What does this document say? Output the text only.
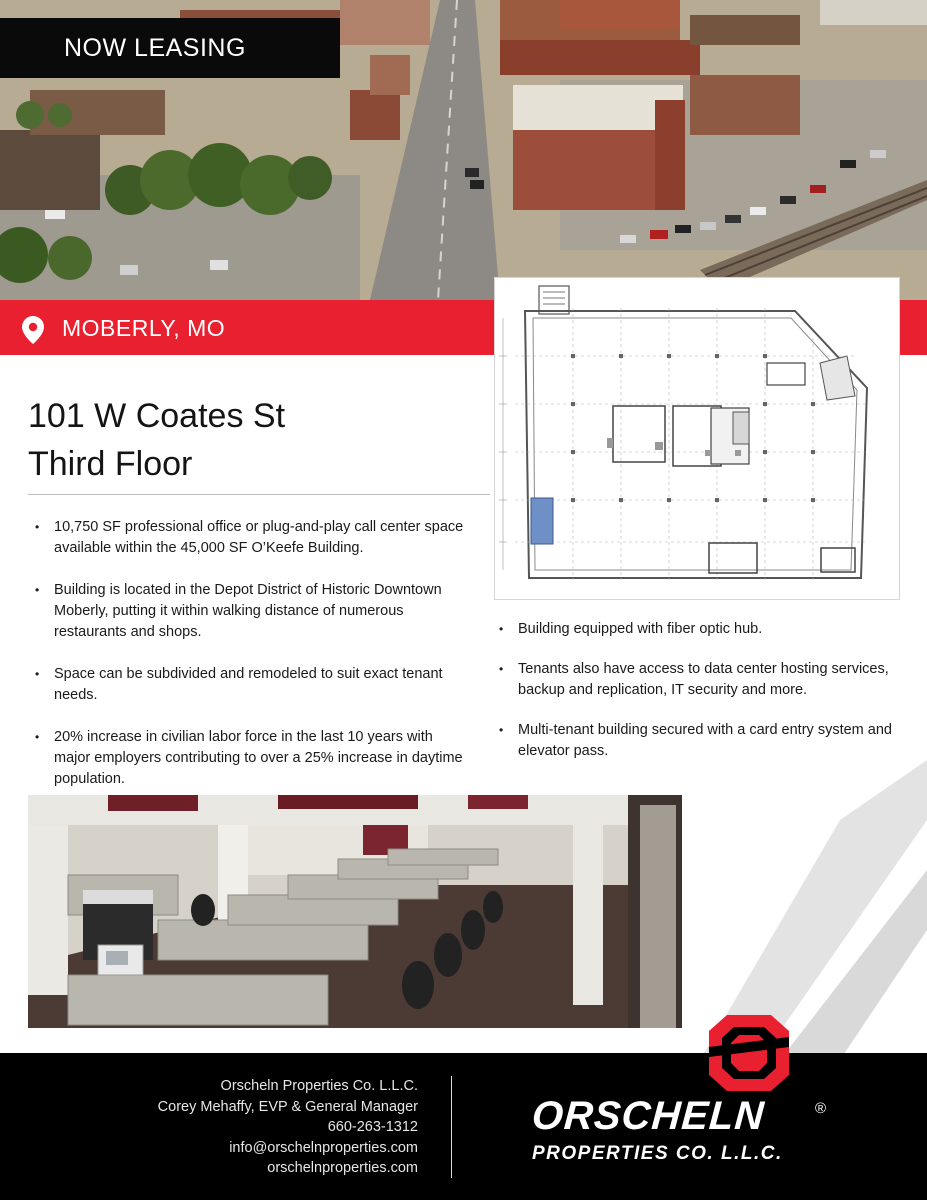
NOW LEASING
MOBERLY, MO
101 W Coates St
Third Floor
• 10,750 SF professional office or plug-and-play call center space available within the 45,000 SF O’Keefe Building.
• Building is located in the Depot District of Historic Downtown Moberly, putting it within walking distance of numerous restaurants and shops.
• Space can be subdivided and remodeled to suit exact tenant needs.
• 20% increase in civilian labor force in the last 10 years with major employers contributing to over a 25% increase in daytime population.
• Building equipped with fiber optic hub.
• Tenants also have access to data center hosting services, backup and replication, IT security and more.
• Multi-tenant building secured with a card entry system and elevator pass.
Orscheln Properties Co. L.L.C.
Corey Mehaffy, EVP & General Manager
660-263-1312
info@orschelnproperties.com
orschelnproperties.com
ORSCHELN	®
PROPERTIES CO. L.L.C.
